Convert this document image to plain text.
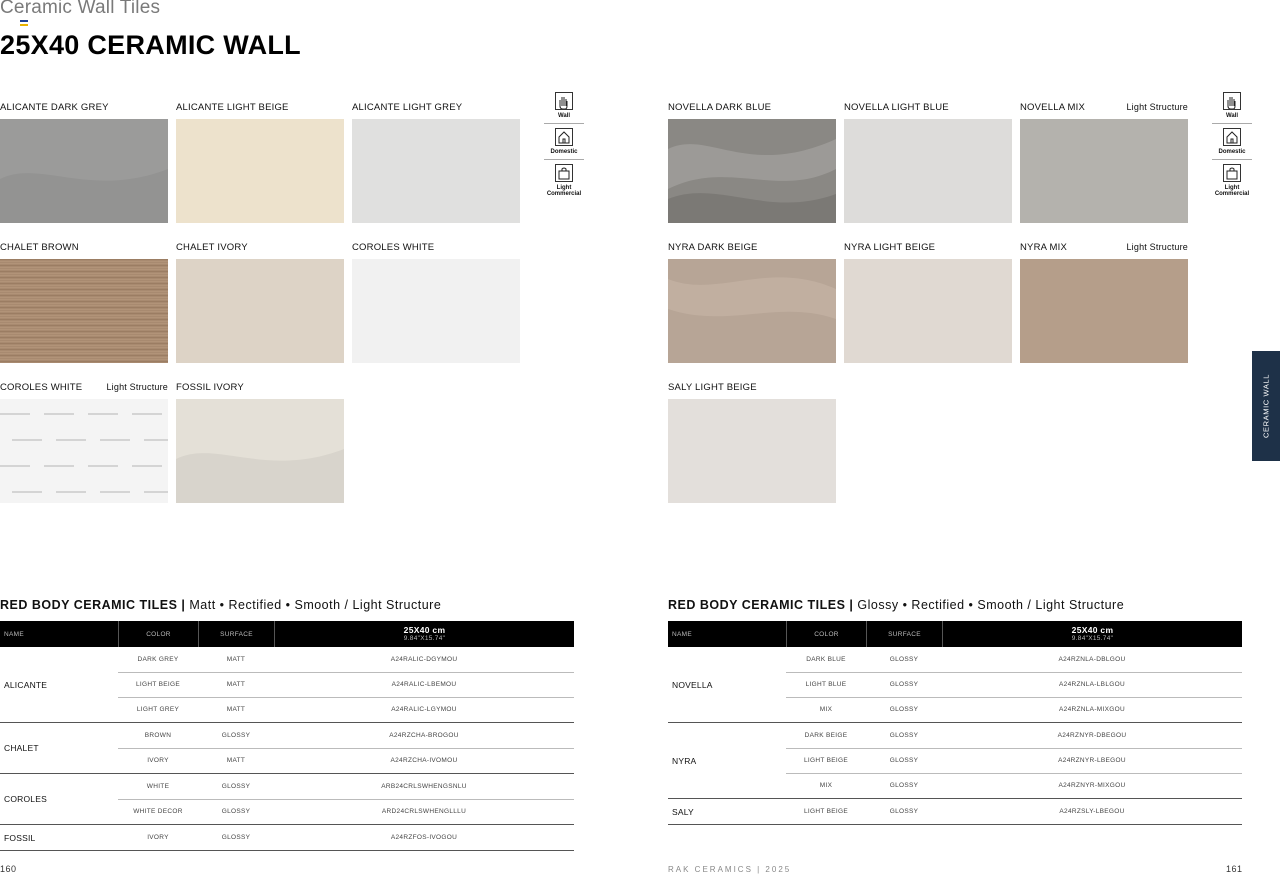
Ceramic Wall Tiles
25X40 CERAMIC WALL
ALICANTE DARK GREY	ALICANTE LIGHT BEIGE	ALICANTE LIGHT GREY
CHALET BROWN	CHALET IVORY	COROLES WHITE
COROLES WHITE	Light Structure FOSSIL IVORY
NOVELLA DARK BLUE	NOVELLA LIGHT BLUE	NOVELLA MIX	Light Structure
NYRA DARK BEIGE	NYRA LIGHT BEIGE	NYRA MIX	Light Structure
SALY LIGHT BEIGE
Wall
Domestic
Light
Commercial
Wall
Domestic
Light
Commercial
RED BODY CERAMIC TILES | Matt • Rectified • Smooth / Light Structure	RED BODY CERAMIC TILES | Glossy • Rectified • Smooth / Light Structure
NAME	COLOR	SURFACE	25X40 cm
9.84"X15.74"
ALICANTE
DARK GREY	MATT	A24RALIC-DGYMOU
LIGHT BEIGE	MATT	A24RALIC-LBEMOU
LIGHT GREY	MATT	A24RALIC-LGYMOU
CHALET
BROWN	GLOSSY	A24RZCHA-BROGOU
IVORY	MATT	A24RZCHA-IVOMOU
COROLES
WHITE	GLOSSY	ARB24CRLSWHENGSNLU
WHITE DECOR	GLOSSY	ARD24CRLSWHENGLLLU
FOSSIL	IVORY	GLOSSY	A24RZFOS-IVOGOU
NAME	COLOR	SURFACE	25X40 cm
9.84"X15.74"
NOVELLA
DARK BLUE	GLOSSY	A24RZNLA-DBLGOU
LIGHT BLUE	GLOSSY	A24RZNLA-LBLGOU
MIX	GLOSSY	A24RZNLA-MIXGOU
NYRA
DARK BEIGE	GLOSSY	A24RZNYR-DBEGOU
LIGHT BEIGE	GLOSSY	A24RZNYR-LBEGOU
MIX	GLOSSY	A24RZNYR-MIXGOU
SALY	LIGHT BEIGE	GLOSSY	A24RZSLY-LBEGOU
160	RAK CERAMICS | 2025	161
CERAMIC WALL
